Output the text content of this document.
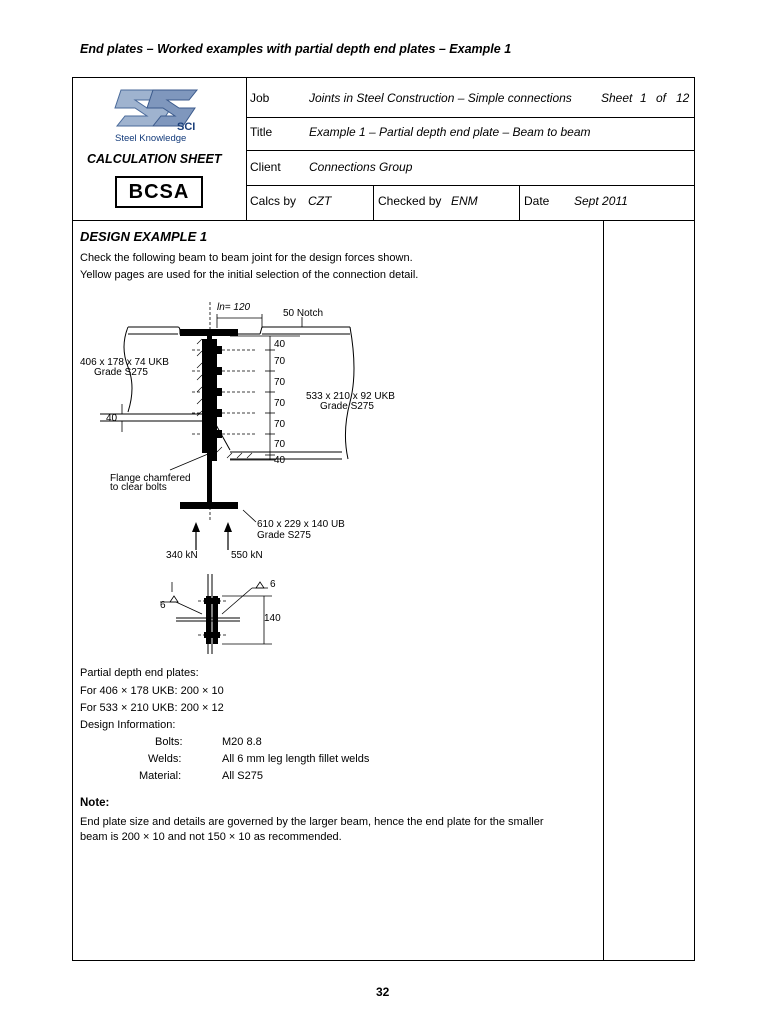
End plates – Worked examples with partial depth end plates – Example 1
SCI
Steel Knowledge
CALCULATION SHEET
BCSA
Job	Joints in Steel Construction – Simple connections Sheet 1 of 12
Title	Example 1 – Partial depth end plate – Beam to beam
Client Connections Group
Calcs by CZT	Checked by ENM	Date Sept 2011
DESIGN EXAMPLE 1
Check the following beam to beam joint for the design forces shown.
Yellow pages are used for the initial selection of the connection detail.
ln= 120
50 Notch
40
70
70
70
70
70
40
406 x 178 x 74 UKB
Grade S275
533 x 210 x 92 UKB
Grade S275
40
Flange chamfered
to clear bolts
610 x 229 x 140 UB
Grade S275
340 kN	550 kN
6
6
140
Partial depth end plates:
For 406 × 178 UKB: 200 × 10
For 533 × 210 UKB: 200 × 12
Design Information:
Bolts:	M20 8.8
Welds:	All 6 mm leg length fillet welds
Material:	All S275
Note:
End plate size and details are governed by the larger beam, hence the end plate for the smaller
beam is 200 × 10 and not 150 × 10 as recommended.
32
